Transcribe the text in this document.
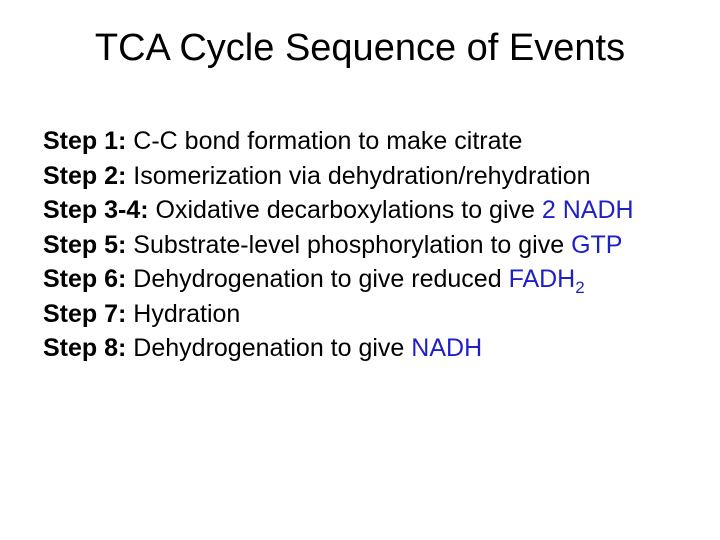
TCA Cycle Sequence of Events
Step 1: C-C bond formation to make citrate
Step 2: Isomerization via dehydration/rehydration
Step 3-4: Oxidative decarboxylations to give 2 NADH
Step 5: Substrate-level phosphorylation to give GTP
Step 6: Dehydrogenation to give reduced $FADH_2$
Step 7: Hydration
Step 8: Dehydrogenation to give NADH
